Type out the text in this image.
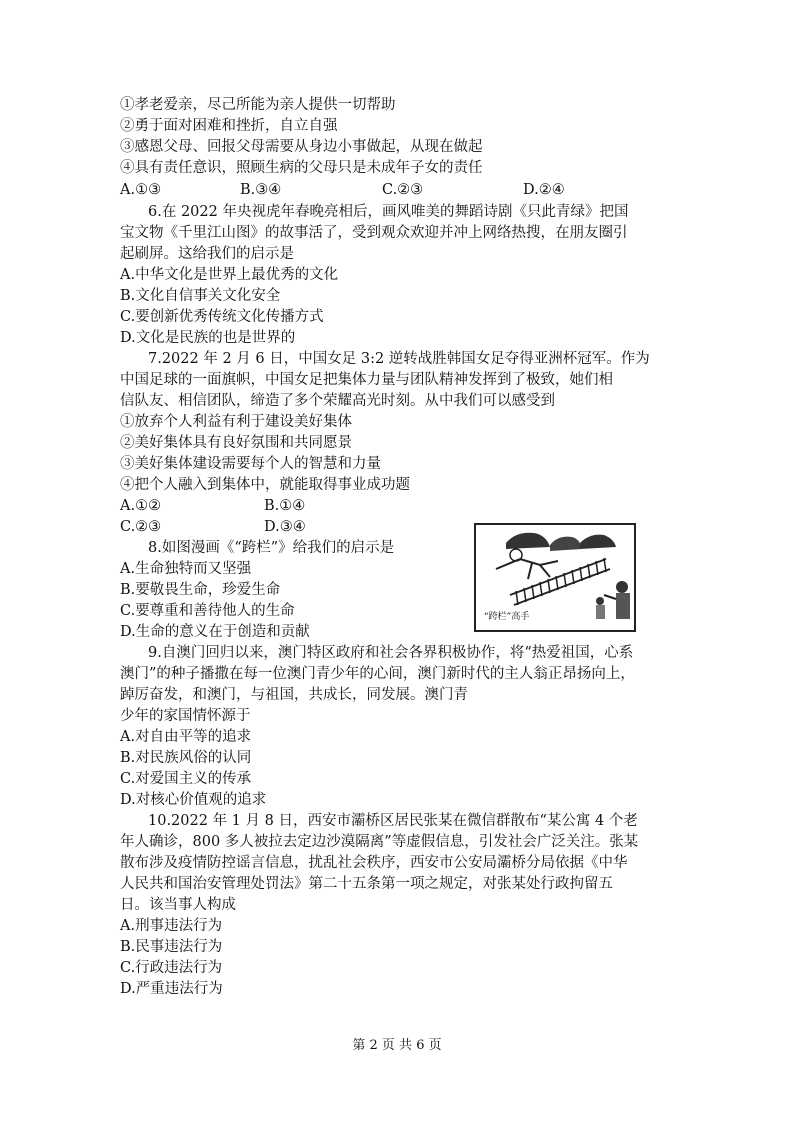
①孝老爱亲，尽己所能为亲人提供一切帮助
②勇于面对困难和挫折，自立自强
③感恩父母、回报父母需要从身边小事做起，从现在做起
④具有责任意识，照顾生病的父母只是未成年子女的责任
A.①③	B.③④	C.②③	D.②④
6.在 2022 年央视虎年春晚亮相后，画风唯美的舞蹈诗剧《只此青绿》把国
宝文物《千里江山图》的故事活了，受到观众欢迎并冲上网络热搜，在朋友圈引
起刷屏。这给我们的启示是
A.中华文化是世界上最优秀的文化
B.文化自信事关文化安全
C.要创新优秀传统文化传播方式
D.文化是民族的也是世界的
7.2022 年 2 月 6 日，中国女足 3:2 逆转战胜韩国女足夺得亚洲杯冠军。作为
中国足球的一面旗帜，中国女足把集体力量与团队精神发挥到了极致，她们相
信队友、相信团队，缔造了多个荣耀高光时刻。从中我们可以感受到
①放弃个人利益有利于建设美好集体
②美好集体具有良好氛围和共同愿景
③美好集体建设需要每个人的智慧和力量
④把个人融入到集体中，就能取得事业成功题
A.①②	B.①④
C.②③	D.③④
8.如图漫画《“跨栏”》给我们的启示是
A.生命独特而又坚强
B.要敬畏生命，珍爱生命
C.要尊重和善待他人的生命
D.生命的意义在于创造和贡献
“跨栏”高手
9.自澳门回归以来，澳门特区政府和社会各界积极协作，将“热爱祖国，心系
澳门”的种子播撒在每一位澳门青少年的心间，澳门新时代的主人翁正昂扬向上，
踔厉奋发，和澳门，与祖国，共成长，同发展。澳门青
少年的家国情怀源于
A.对自由平等的追求
B.对民族风俗的认同
C.对爱国主义的传承
D.对核心价值观的追求
10.2022 年 1 月 8 日，西安市灞桥区居民张某在微信群散布“某公寓 4 个老
年人确诊，800 多人被拉去定边沙漠隔离”等虚假信息，引发社会广泛关注。张某
散布涉及疫情防控谣言信息，扰乱社会秩序，西安市公安局灞桥分局依据《中华
人民共和国治安管理处罚法》第二十五条第一项之规定，对张某处行政拘留五
日。该当事人构成
A.刑事违法行为
B.民事违法行为
C.行政违法行为
D.严重违法行为
第 2 页 共 6 页
